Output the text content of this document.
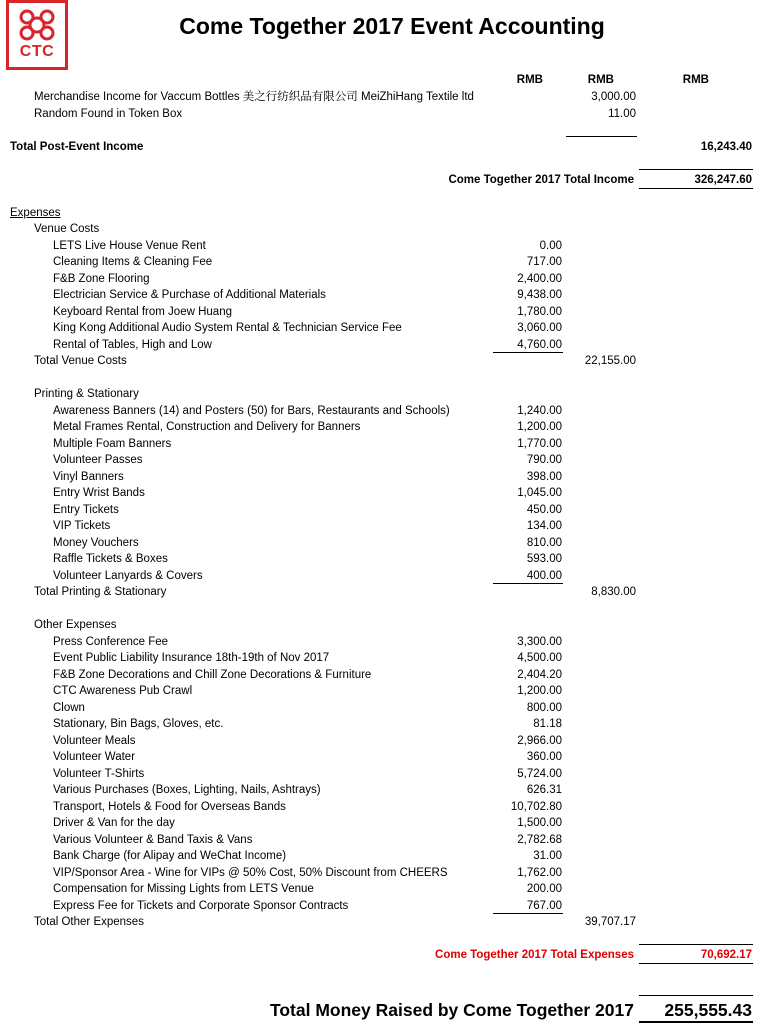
CTC
Come Together 2017 Event Accounting
RMB	RMB	RMB
Merchandise Income for Vaccum Bottles 美之行纺织品有限公司 MeiZhiHang Textile ltd	3,000.00
Random Found in Token Box	11.00
Total Post-Event Income	16,243.40
Come Together 2017 Total Income	326,247.60
Expenses
Venue Costs
LETS Live House Venue Rent	0.00
Cleaning Items & Cleaning Fee	717.00
F&B Zone Flooring	2,400.00
Electrician Service & Purchase of Additional Materials	9,438.00
Keyboard Rental from Joew Huang	1,780.00
King Kong Additional Audio System Rental & Technician Service Fee	3,060.00
Rental of Tables, High and Low	4,760.00
Total Venue Costs	22,155.00
Printing & Stationary
Awareness Banners (14) and Posters (50) for Bars, Restaurants and Schools)	1,240.00
Metal Frames Rental, Construction and Delivery for Banners	1,200.00
Multiple Foam Banners	1,770.00
Volunteer Passes	790.00
Vinyl Banners	398.00
Entry Wrist Bands	1,045.00
Entry Tickets	450.00
VIP Tickets	134.00
Money Vouchers	810.00
Raffle Tickets & Boxes	593.00
Volunteer Lanyards & Covers	400.00
Total Printing & Stationary	8,830.00
Other Expenses
Press Conference Fee	3,300.00
Event Public Liability Insurance 18th-19th of Nov 2017	4,500.00
F&B Zone Decorations and Chill Zone Decorations & Furniture	2,404.20
CTC Awareness Pub Crawl	1,200.00
Clown	800.00
Stationary, Bin Bags, Gloves, etc.	81.18
Volunteer Meals	2,966.00
Volunteer Water	360.00
Volunteer T-Shirts	5,724.00
Various Purchases (Boxes, Lighting, Nails, Ashtrays)	626.31
Transport, Hotels & Food for Overseas Bands	10,702.80
Driver & Van for the day	1,500.00
Various Volunteer & Band Taxis & Vans	2,782.68
Bank Charge (for Alipay and WeChat Income)	31.00
VIP/Sponsor Area - Wine for VIPs @ 50% Cost, 50% Discount from CHEERS	1,762.00
Compensation for Missing Lights from LETS Venue	200.00
Express Fee for Tickets and Corporate Sponsor Contracts	767.00
Total Other Expenses	39,707.17
Come Together 2017 Total Expenses	70,692.17
Total Money Raised by Come Together 2017 255,555.43
